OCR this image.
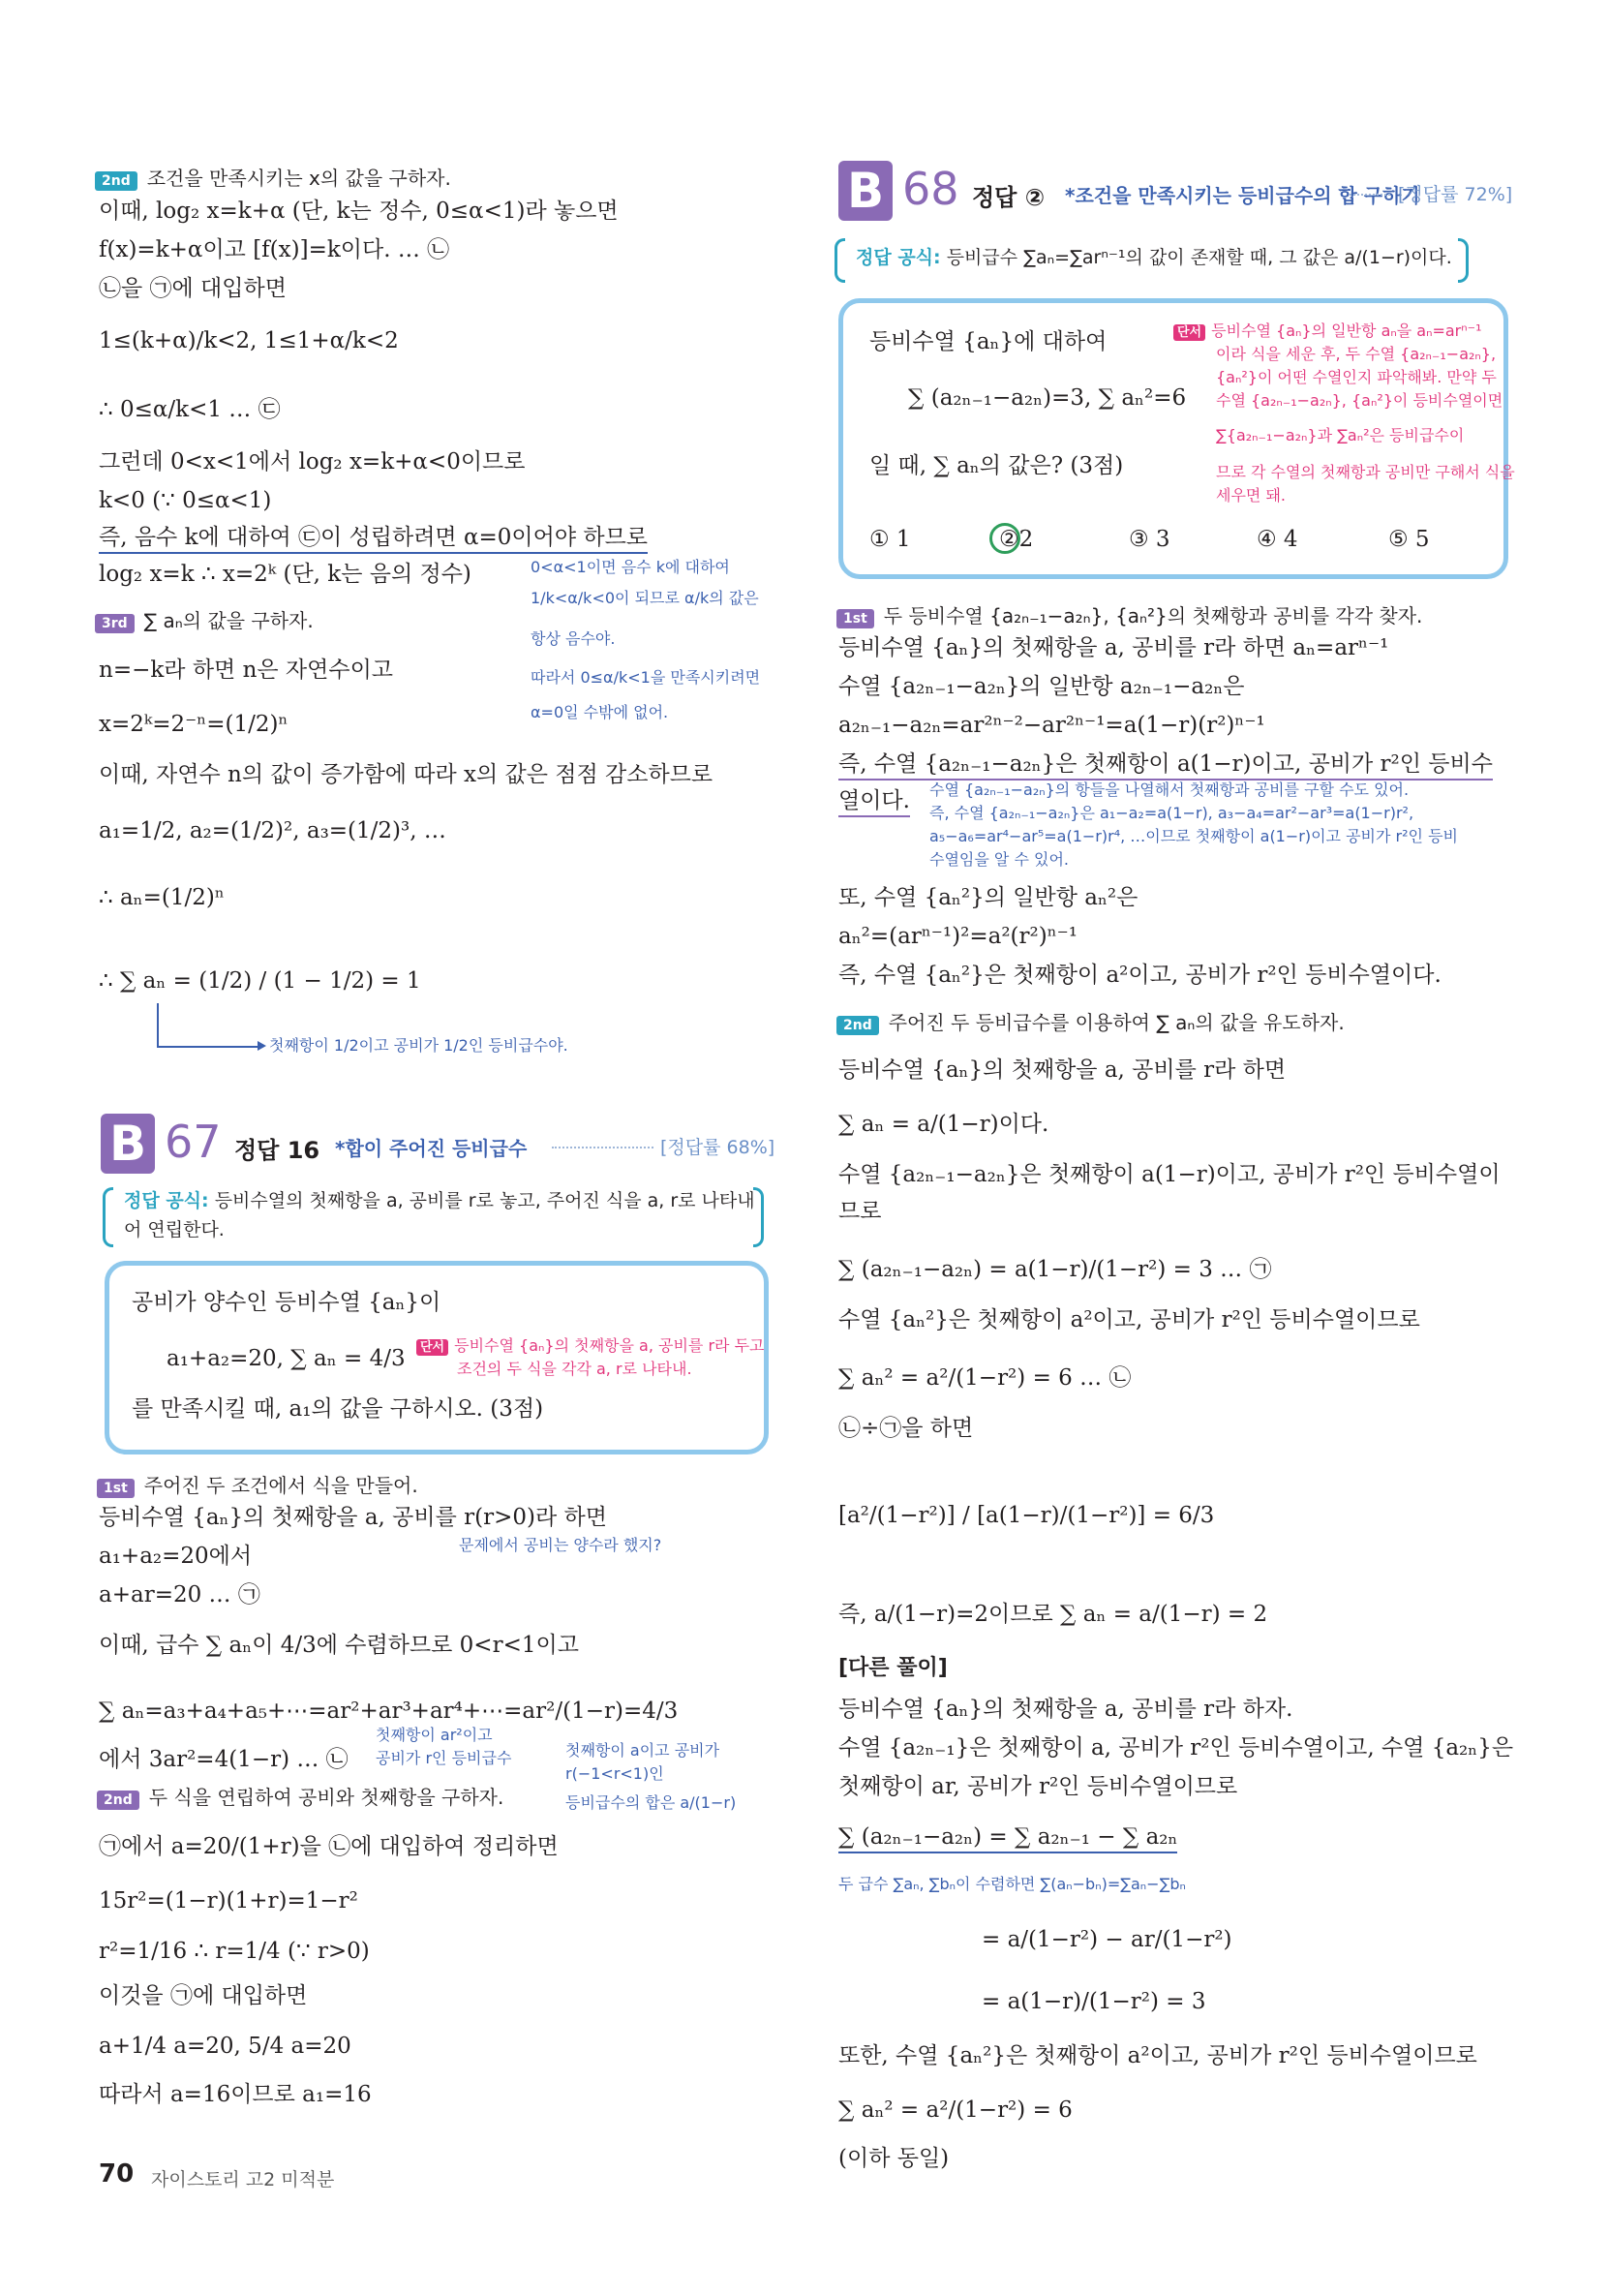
2nd 조건을 만족시키는 x의 값을 구하자.
이때, log₂ x=k+α (단, k는 정수, 0≤α<1)라 놓으면
f(x)=k+α이고 [f(x)]=k이다. … ㉡
㉡을 ㉠에 대입하면
1≤(k+α)/k<2, 1≤1+α/k<2
∴ 0≤α/k<1 … ㉢
그런데 0<x<1에서 log₂ x=k+α<0이므로
k<0 (∵ 0≤α<1)
즉, 음수 k에 대하여 ㉢이 성립하려면 α=0이어야 하므로
log₂ x=k ∴ x=2ᵏ (단, k는 음의 정수)	0<α<1이면 음수 k에 대하여
1/k<α/k<0이 되므로 α/k의 값은
항상 음수야.
따라서 0≤α/k<1을 만족시키려면
α=0일 수밖에 없어.
3rd ∑ aₙ의 값을 구하자.
n=−k라 하면 n은 자연수이고
x=2ᵏ=2⁻ⁿ=(1/2)ⁿ
이때, 자연수 n의 값이 증가함에 따라 x의 값은 점점 감소하므로
a₁=1/2, a₂=(1/2)², a₃=(1/2)³, …
∴ aₙ=(1/2)ⁿ
∴ ∑ aₙ = (1/2) / (1 − 1/2) = 1
첫째항이 1/2이고 공비가 1/2인 등비급수야.
B 67 정답 16 *합이 주어진 등비급수	[정답률 68%]
정답 공식: 등비수열의 첫째항을 a, 공비를 r로 놓고, 주어진 식을 a, r로 나타내
어 연립한다.
공비가 양수인 등비수열 {aₙ}이
a₁+a₂=20, ∑ aₙ = 4/3
를 만족시킬 때, a₁의 값을 구하시오. (3점)
단서 등비수열 {aₙ}의 첫째항을 a, 공비를 r라 두고
조건의 두 식을 각각 a, r로 나타내.
1st 주어진 두 조건에서 식을 만들어.
등비수열 {aₙ}의 첫째항을 a, 공비를 r(r>0)라 하면
문제에서 공비는 양수라 했지?
a₁+a₂=20에서
a+ar=20 … ㉠
이때, 급수 ∑ aₙ이 4/3에 수렴하므로 0<r<1이고
∑ aₙ=a₃+a₄+a₅+⋯=ar²+ar³+ar⁴+⋯=ar²/(1−r)=4/3
첫째항이 ar²이고
공비가 r인 등비급수	첫째항이 a이고 공비가
r(−1<r<1)인
등비급수의 합은 a/(1−r)
에서 3ar²=4(1−r) … ㉡
2nd 두 식을 연립하여 공비와 첫째항을 구하자.
㉠에서 a=20/(1+r)을 ㉡에 대입하여 정리하면
15r²=(1−r)(1+r)=1−r²
r²=1/16 ∴ r=1/4 (∵ r>0)
이것을 ㉠에 대입하면
a+1/4 a=20, 5/4 a=20
따라서 a=16이므로 a₁=16
70 자이스토리 고2 미적분
B 68 정답 ② *조건을 만족시키는 등비급수의 합 구하기
[정답률 72%]
정답 공식: 등비급수 ∑aₙ=∑arⁿ⁻¹의 값이 존재할 때, 그 값은 a/(1−r)이다.
등비수열 {aₙ}에 대하여
∑ (a₂ₙ₋₁−a₂ₙ)=3, ∑ aₙ²=6
일 때, ∑ aₙ의 값은? (3점)
단서 등비수열 {aₙ}의 일반항 aₙ을 aₙ=arⁿ⁻¹
이라 식을 세운 후, 두 수열 {a₂ₙ₋₁−a₂ₙ},
{aₙ²}이 어떤 수열인지 파악해봐. 만약 두
수열 {a₂ₙ₋₁−a₂ₙ}, {aₙ²}이 등비수열이면
∑{a₂ₙ₋₁−a₂ₙ}과 ∑aₙ²은 등비급수이
므로 각 수열의 첫째항과 공비만 구해서 식을
세우면 돼.
① 1	②2	③ 3	④ 4	⑤ 5
1st 두 등비수열 {a₂ₙ₋₁−a₂ₙ}, {aₙ²}의 첫째항과 공비를 각각 찾자.
등비수열 {aₙ}의 첫째항을 a, 공비를 r라 하면 aₙ=arⁿ⁻¹
수열 {a₂ₙ₋₁−a₂ₙ}의 일반항 a₂ₙ₋₁−a₂ₙ은
a₂ₙ₋₁−a₂ₙ=ar²ⁿ⁻²−ar²ⁿ⁻¹=a(1−r)(r²)ⁿ⁻¹
즉, 수열 {a₂ₙ₋₁−a₂ₙ}은 첫째항이 a(1−r)이고, 공비가 r²인 등비수
열이다. 수열 {a₂ₙ₋₁−a₂ₙ}의 항들을 나열해서 첫째항과 공비를 구할 수도 있어.
즉, 수열 {a₂ₙ₋₁−a₂ₙ}은 a₁−a₂=a(1−r), a₃−a₄=ar²−ar³=a(1−r)r²,
a₅−a₆=ar⁴−ar⁵=a(1−r)r⁴, …이므로 첫째항이 a(1−r)이고 공비가 r²인 등비
수열임을 알 수 있어.
또, 수열 {aₙ²}의 일반항 aₙ²은
aₙ²=(arⁿ⁻¹)²=a²(r²)ⁿ⁻¹
즉, 수열 {aₙ²}은 첫째항이 a²이고, 공비가 r²인 등비수열이다.
2nd 주어진 두 등비급수를 이용하여 ∑ aₙ의 값을 유도하자.
등비수열 {aₙ}의 첫째항을 a, 공비를 r라 하면
∑ aₙ = a/(1−r)이다.
수열 {a₂ₙ₋₁−a₂ₙ}은 첫째항이 a(1−r)이고, 공비가 r²인 등비수열이
므로
∑ (a₂ₙ₋₁−a₂ₙ) = a(1−r)/(1−r²) = 3 … ㉠
수열 {aₙ²}은 첫째항이 a²이고, 공비가 r²인 등비수열이므로
∑ aₙ² = a²/(1−r²) = 6 … ㉡
㉡÷㉠을 하면
[a²/(1−r²)] / [a(1−r)/(1−r²)] = 6/3
즉, a/(1−r)=2이므로 ∑ aₙ = a/(1−r) = 2
[다른 풀이]
등비수열 {aₙ}의 첫째항을 a, 공비를 r라 하자.
수열 {a₂ₙ₋₁}은 첫째항이 a, 공비가 r²인 등비수열이고, 수열 {a₂ₙ}은
첫째항이 ar, 공비가 r²인 등비수열이므로
∑ (a₂ₙ₋₁−a₂ₙ) = ∑ a₂ₙ₋₁ − ∑ a₂ₙ
두 급수 ∑aₙ, ∑bₙ이 수렴하면 ∑(aₙ−bₙ)=∑aₙ−∑bₙ
= a/(1−r²) − ar/(1−r²)
= a(1−r)/(1−r²) = 3
또한, 수열 {aₙ²}은 첫째항이 a²이고, 공비가 r²인 등비수열이므로
∑ aₙ² = a²/(1−r²) = 6
(이하 동일)
